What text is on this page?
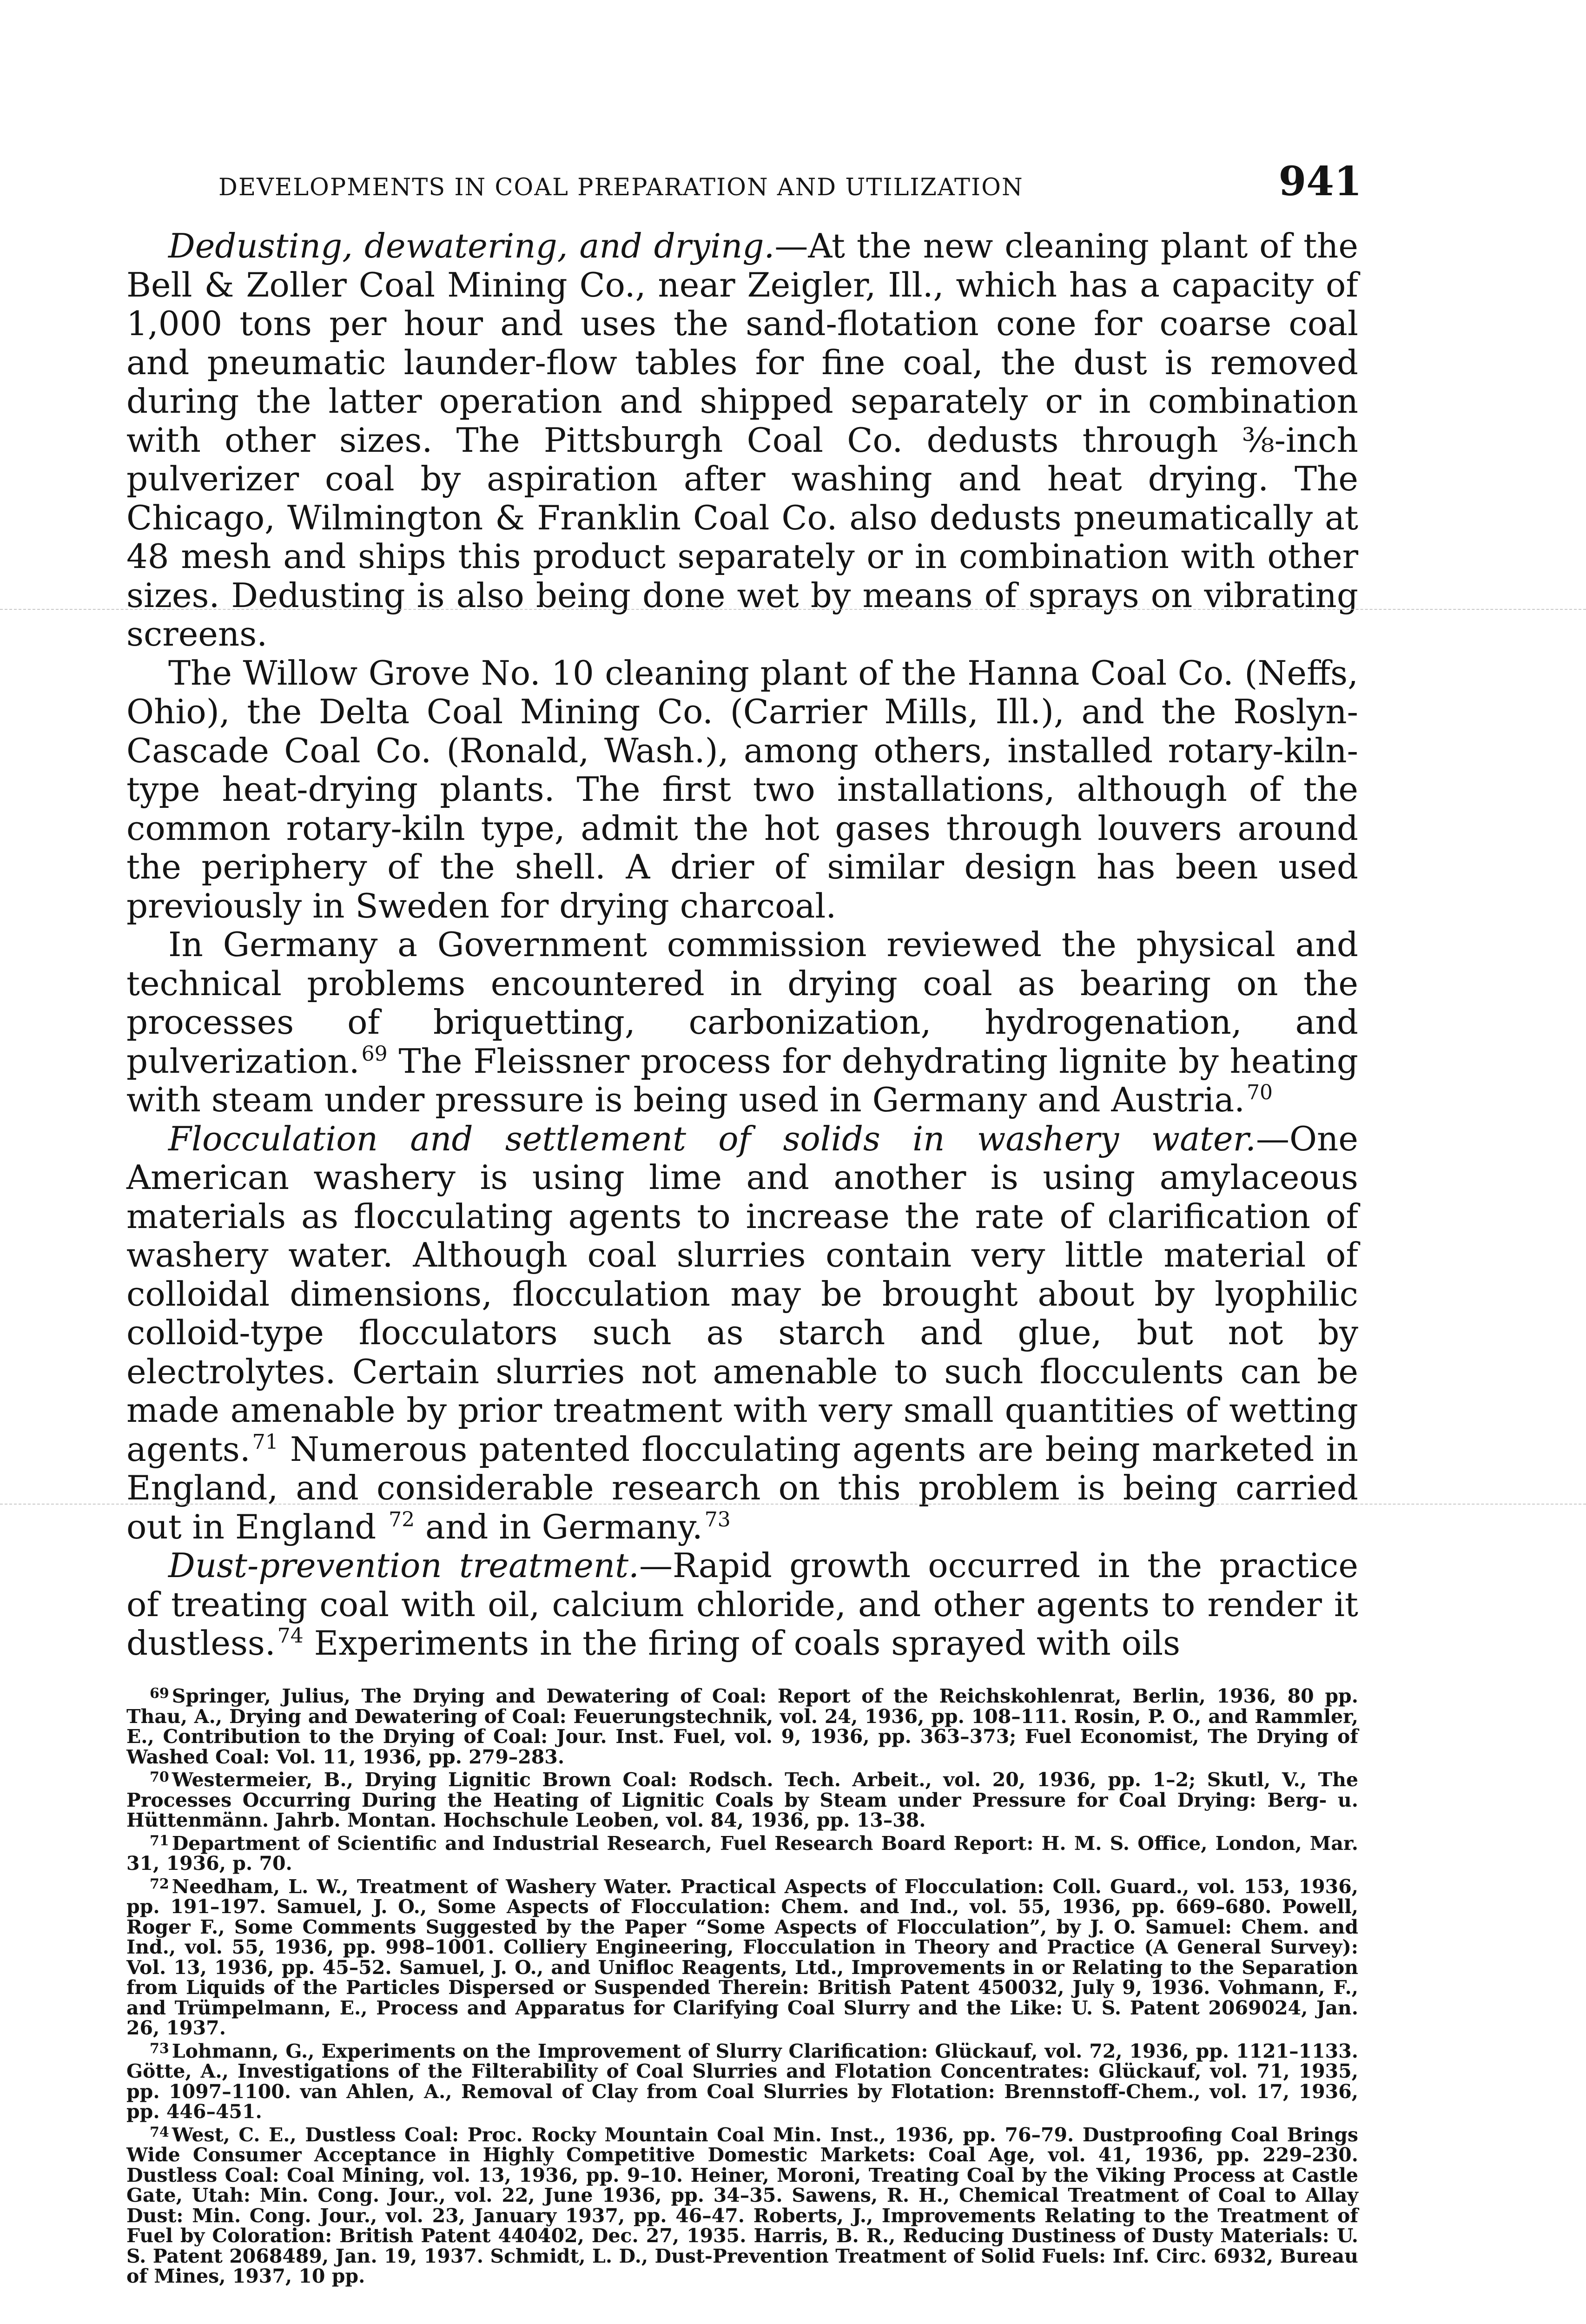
DEVELOPMENTS IN COAL PREPARATION AND UTILIZATION	941

Dedusting, dewatering, and drying.—At the new cleaning plant of the Bell & Zoller Coal Mining Co., near Zeigler, Ill., which has a capacity of 1,000 tons per hour and uses the sand-flotation cone for coarse coal and pneumatic launder-flow tables for fine coal, the dust is removed during the latter operation and shipped separately or in combination with other sizes. The Pittsburgh Coal Co. dedusts through ⅜-inch pulverizer coal by aspiration after washing and heat drying. The Chicago, Wilmington & Franklin Coal Co. also dedusts pneumatically at 48 mesh and ships this product separately or in combination with other sizes. Dedusting is also being done wet by means of sprays on vibrating screens.

The Willow Grove No. 10 cleaning plant of the Hanna Coal Co. (Neffs, Ohio), the Delta Coal Mining Co. (Carrier Mills, Ill.), and the Roslyn-Cascade Coal Co. (Ronald, Wash.), among others, installed rotary-kiln-type heat-drying plants. The first two installations, although of the common rotary-kiln type, admit the hot gases through louvers around the periphery of the shell. A drier of similar design has been used previously in Sweden for drying charcoal.

In Germany a Government commission reviewed the physical and technical problems encountered in drying coal as bearing on the processes of briquetting, carbonization, hydrogenation, and pulverization.$^{69}$ The Fleissner process for dehydrating lignite by heating with steam under pressure is being used in Germany and Austria.$^{70}$

Flocculation and settlement of solids in washery water.—One American washery is using lime and another is using amylaceous materials as flocculating agents to increase the rate of clarification of washery water. Although coal slurries contain very little material of colloidal dimensions, flocculation may be brought about by lyophilic colloid-type flocculators such as starch and glue, but not by electrolytes. Certain slurries not amenable to such flocculents can be made amenable by prior treatment with very small quantities of wetting agents.$^{71}$ Numerous patented flocculating agents are being marketed in England, and considerable research on this problem is being carried out in England $^{72}$ and in Germany.$^{73}$

Dust-prevention treatment.—Rapid growth occurred in the practice of treating coal with oil, calcium chloride, and other agents to render it dustless.$^{74}$ Experiments in the firing of coals sprayed with oils

$^{69}$ Springer, Julius, The Drying and Dewatering of Coal: Report of the Reichskohlenrat, Berlin, 1936, 80 pp. Thau, A., Drying and Dewatering of Coal: Feuerungstechnik, vol. 24, 1936, pp. 108–111. Rosin, P. O., and Rammler, E., Contribution to the Drying of Coal: Jour. Inst. Fuel, vol. 9, 1936, pp. 363–373; Fuel Economist, The Drying of Washed Coal: Vol. 11, 1936, pp. 279–283.

$^{70}$ Westermeier, B., Drying Lignitic Brown Coal: Rodsch. Tech. Arbeit., vol. 20, 1936, pp. 1–2; Skutl, V., The Processes Occurring During the Heating of Lignitic Coals by Steam under Pressure for Coal Drying: Berg- u. Hüttenmänn. Jahrb. Montan. Hochschule Leoben, vol. 84, 1936, pp. 13–38.

$^{71}$ Department of Scientific and Industrial Research, Fuel Research Board Report: H. M. S. Office, London, Mar. 31, 1936, p. 70.

$^{72}$ Needham, L. W., Treatment of Washery Water. Practical Aspects of Flocculation: Coll. Guard., vol. 153, 1936, pp. 191–197. Samuel, J. O., Some Aspects of Flocculation: Chem. and Ind., vol. 55, 1936, pp. 669–680. Powell, Roger F., Some Comments Suggested by the Paper “Some Aspects of Flocculation”, by J. O. Samuel: Chem. and Ind., vol. 55, 1936, pp. 998–1001. Colliery Engineering, Flocculation in Theory and Practice (A General Survey): Vol. 13, 1936, pp. 45–52. Samuel, J. O., and Unifloc Reagents, Ltd., Improvements in or Relating to the Separation from Liquids of the Particles Dispersed or Suspended Therein: British Patent 450032, July 9, 1936. Vohmann, F., and Trümpelmann, E., Process and Apparatus for Clarifying Coal Slurry and the Like: U. S. Patent 2069024, Jan. 26, 1937.

$^{73}$ Lohmann, G., Experiments on the Improvement of Slurry Clarification: Glückauf, vol. 72, 1936, pp. 1121–1133. Götte, A., Investigations of the Filterability of Coal Slurries and Flotation Concentrates: Glückauf, vol. 71, 1935, pp. 1097–1100. van Ahlen, A., Removal of Clay from Coal Slurries by Flotation: Brennstoff-Chem., vol. 17, 1936, pp. 446–451.

$^{74}$ West, C. E., Dustless Coal: Proc. Rocky Mountain Coal Min. Inst., 1936, pp. 76–79. Dustproofing Coal Brings Wide Consumer Acceptance in Highly Competitive Domestic Markets: Coal Age, vol. 41, 1936, pp. 229–230. Dustless Coal: Coal Mining, vol. 13, 1936, pp. 9–10. Heiner, Moroni, Treating Coal by the Viking Process at Castle Gate, Utah: Min. Cong. Jour., vol. 22, June 1936, pp. 34–35. Sawens, R. H., Chemical Treatment of Coal to Allay Dust: Min. Cong. Jour., vol. 23, January 1937, pp. 46–47. Roberts, J., Improvements Relating to the Treatment of Fuel by Coloration: British Patent 440402, Dec. 27, 1935. Harris, B. R., Reducing Dustiness of Dusty Materials: U. S. Patent 2068489, Jan. 19, 1937. Schmidt, L. D., Dust-Prevention Treatment of Solid Fuels: Inf. Circ. 6932, Bureau of Mines, 1937, 10 pp.
